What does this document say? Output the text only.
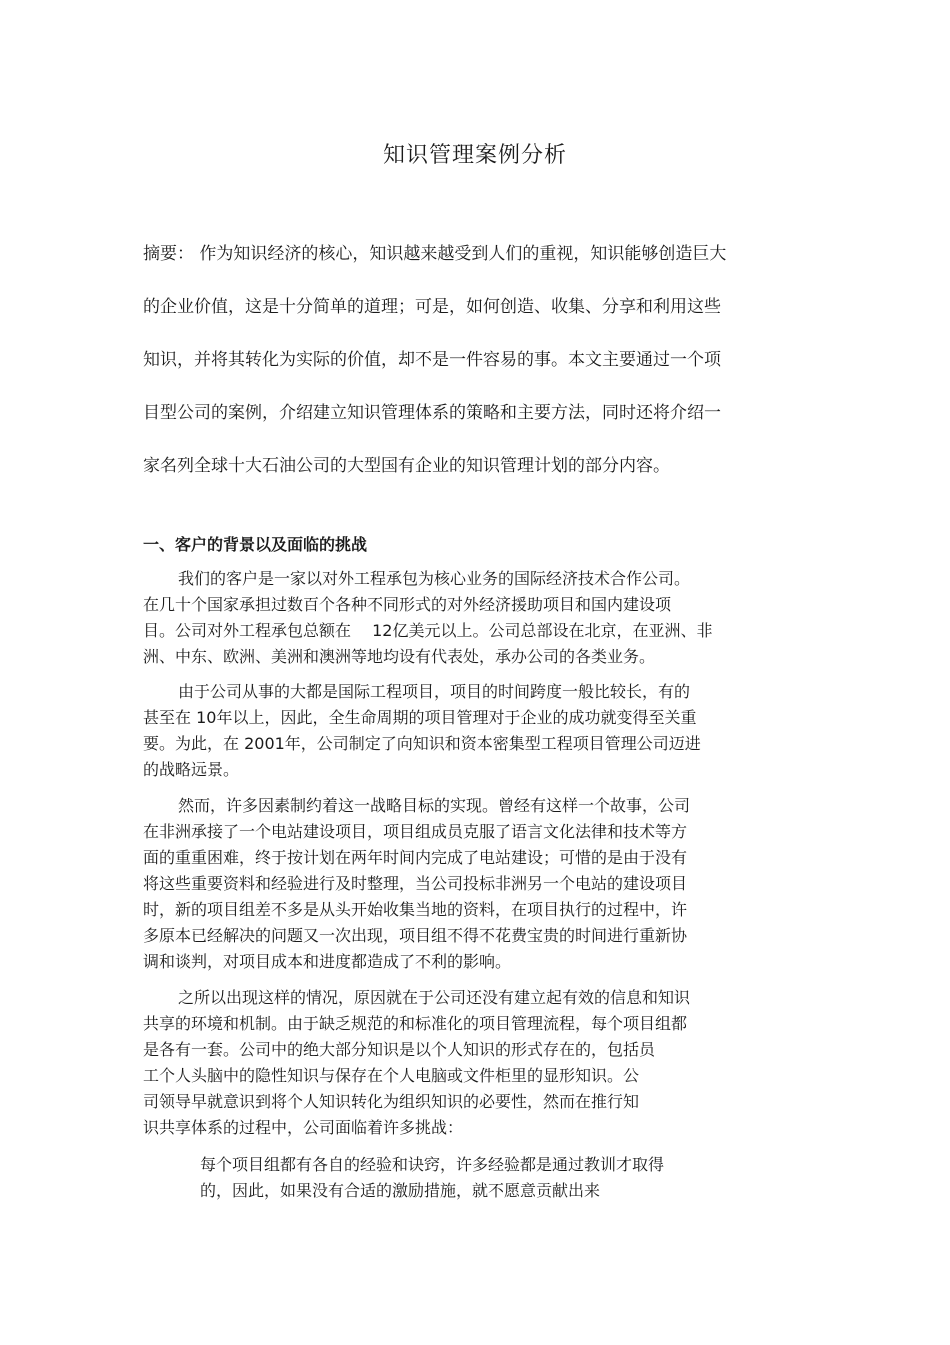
知识管理案例分析

摘要： 作为知识经济的核心，知识越来越受到人们的重视，知识能够创造巨大

的企业价值，这是十分简单的道理；可是，如何创造、收集、分享和利用这些

知识，并将其转化为实际的价值，却不是一件容易的事。本文主要通过一个项

目型公司的案例，介绍建立知识管理体系的策略和主要方法，同时还将介绍一

家名列全球十大石油公司的大型国有企业的知识管理计划的部分内容。

一、客户的背景以及面临的挑战

我们的客户是一家以对外工程承包为核心业务的国际经济技术合作公司。

在几十个国家承担过数百个各种不同形式的对外经济援助项目和国内建设项

目。公司对外工程承包总额在　 12亿美元以上。公司总部设在北京，在亚洲、非

洲、中东、欧洲、美洲和澳洲等地均设有代表处，承办公司的各类业务。

由于公司从事的大都是国际工程项目，项目的时间跨度一般比较长，有的

甚至在 10年以上，因此，全生命周期的项目管理对于企业的成功就变得至关重

要。为此，在 2001年，公司制定了向知识和资本密集型工程项目管理公司迈进

的战略远景。

然而，许多因素制约着这一战略目标的实现。曾经有这样一个故事，公司

在非洲承接了一个电站建设项目，项目组成员克服了语言文化法律和技术等方

面的重重困难，终于按计划在两年时间内完成了电站建设；可惜的是由于没有

将这些重要资料和经验进行及时整理，当公司投标非洲另一个电站的建设项目

时，新的项目组差不多是从头开始收集当地的资料，在项目执行的过程中，许

多原本已经解决的问题又一次出现，项目组不得不花费宝贵的时间进行重新协

调和谈判，对项目成本和进度都造成了不利的影响。

之所以出现这样的情况，原因就在于公司还没有建立起有效的信息和知识

共享的环境和机制。由于缺乏规范的和标准化的项目管理流程，每个项目组都

是各有一套。公司中的绝大部分知识是以个人知识的形式存在的，包括员

工个人头脑中的隐性知识与保存在个人电脑或文件柜里的显形知识。公

司领导早就意识到将个人知识转化为组织知识的必要性，然而在推行知

识共享体系的过程中，公司面临着许多挑战：

每个项目组都有各自的经验和诀窍，许多经验都是通过教训才取得

的，因此，如果没有合适的激励措施，就不愿意贡献出来
